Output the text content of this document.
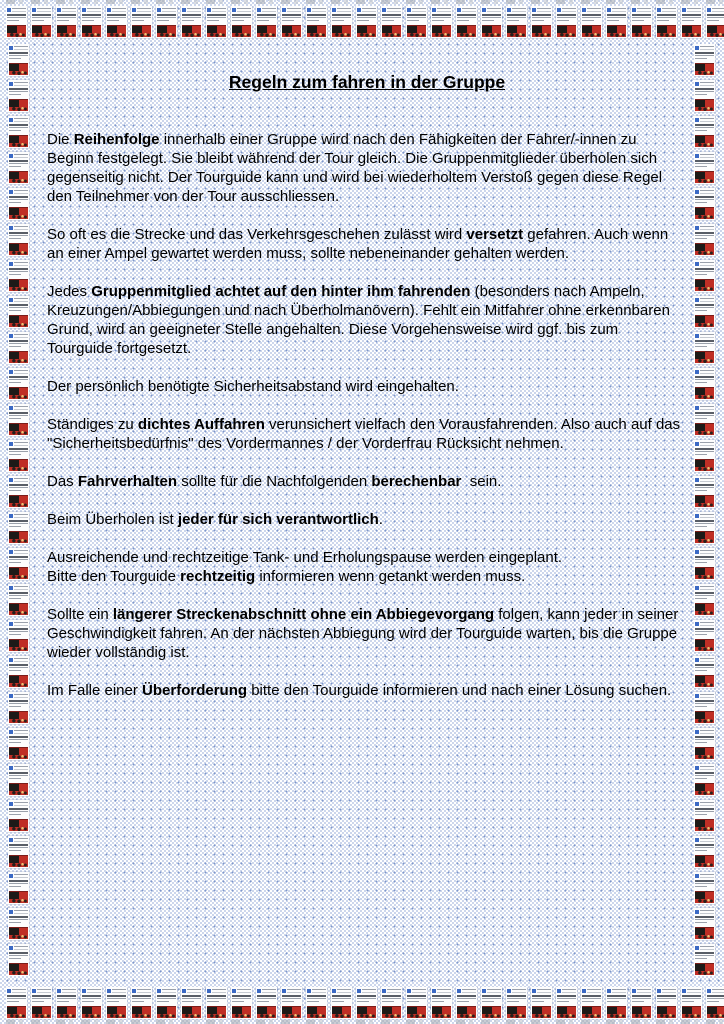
Regeln zum fahren in der Gruppe

Die Reihenfolge innerhalb einer Gruppe wird nach den Fähigkeiten der Fahrer/-innen zu Beginn festgelegt. Sie bleibt während der Tour gleich. Die Gruppenmitglieder überholen sich gegenseitig nicht. Der Tourguide kann und wird bei wiederholtem Verstoß gegen diese Regel den Teilnehmer von der Tour ausschliessen.

So oft es die Strecke und das Verkehrsgeschehen zulässt wird versetzt gefahren. Auch wenn an einer Ampel gewartet werden muss, sollte nebeneinander gehalten werden.

Jedes Gruppenmitglied achtet auf den hinter ihm fahrenden (besonders nach Ampeln, Kreuzungen/Abbiegungen und nach Überholmanövern). Fehlt ein Mitfahrer ohne erkennbaren Grund, wird an geeigneter Stelle angehalten. Diese Vorgehensweise wird ggf. bis zum Tourguide fortgesetzt.

Der persönlich benötigte Sicherheitsabstand wird eingehalten.

Ständiges zu dichtes Auffahren verunsichert vielfach den Vorausfahrenden. Also auch auf das "Sicherheitsbedürfnis" des Vordermannes / der Vorderfrau Rücksicht nehmen.

Das Fahrverhalten sollte für die Nachfolgenden berechenbar  sein.

Beim Überholen ist jeder für sich verantwortlich.

Ausreichende und rechtzeitige Tank- und Erholungspause werden eingeplant.
Bitte den Tourguide rechtzeitig informieren wenn getankt werden muss.

Sollte ein längerer Streckenabschnitt ohne ein Abbiegevorgang folgen, kann jeder in seiner Geschwindigkeit fahren. An der nächsten Abbiegung wird der Tourguide warten, bis die Gruppe wieder vollständig ist.

Im Falle einer Überforderung bitte den Tourguide informieren und nach einer Lösung suchen.
